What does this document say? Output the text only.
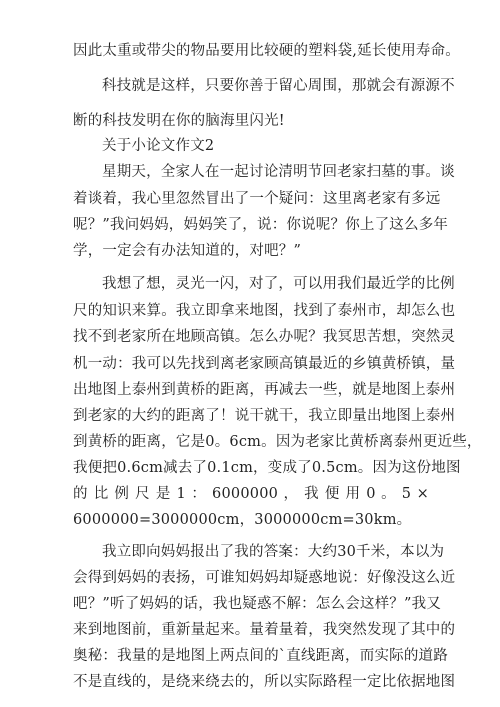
因此太重或带尖的物品要用比较硬的塑料袋,延长使用寿命。
科技就是这样，只要你善于留心周围，那就会有源源不
断的科技发明在你的脑海里闪光!
关于小论文作文2
星期天，全家人在一起讨论清明节回老家扫墓的事。谈
着谈着，我心里忽然冒出了一个疑问：这里离老家有多远
呢？”我问妈妈，妈妈笑了，说：你说呢？你上了这么多年
学，一定会有办法知道的，对吧？”
我想了想，灵光一闪，对了，可以用我们最近学的比例
尺的知识来算。我立即拿来地图，找到了泰州市，却怎么也
找不到老家所在地顾高镇。怎么办呢？我冥思苦想，突然灵
机一动：我可以先找到离老家顾高镇最近的乡镇黄桥镇，量
出地图上泰州到黄桥的距离，再减去一些，就是地图上泰州
到老家的大约的距离了！说干就干，我立即量出地图上泰州
到黄桥的距离，它是0。6cm。因为老家比黄桥离泰州更近些，
我便把0.6cm减去了0.1cm，变成了0.5cm。因为这份地图
的 比 例 尺 是 1 ： 6000000 ， 我 便 用 0 。 5 ×
6000000=3000000cm，3000000cm=30km。
我立即向妈妈报出了我的答案：大约30千米，本以为
会得到妈妈的表扬，可谁知妈妈却疑惑地说：好像没这么近
吧？”听了妈妈的话，我也疑惑不解：怎么会这样？”我又
来到地图前，重新量起来。量着量着，我突然发现了其中的
奥秘：我量的是地图上两点间的`直线距离，而实际的道路
不是直线的，是绕来绕去的，所以实际路程一定比依据地图
